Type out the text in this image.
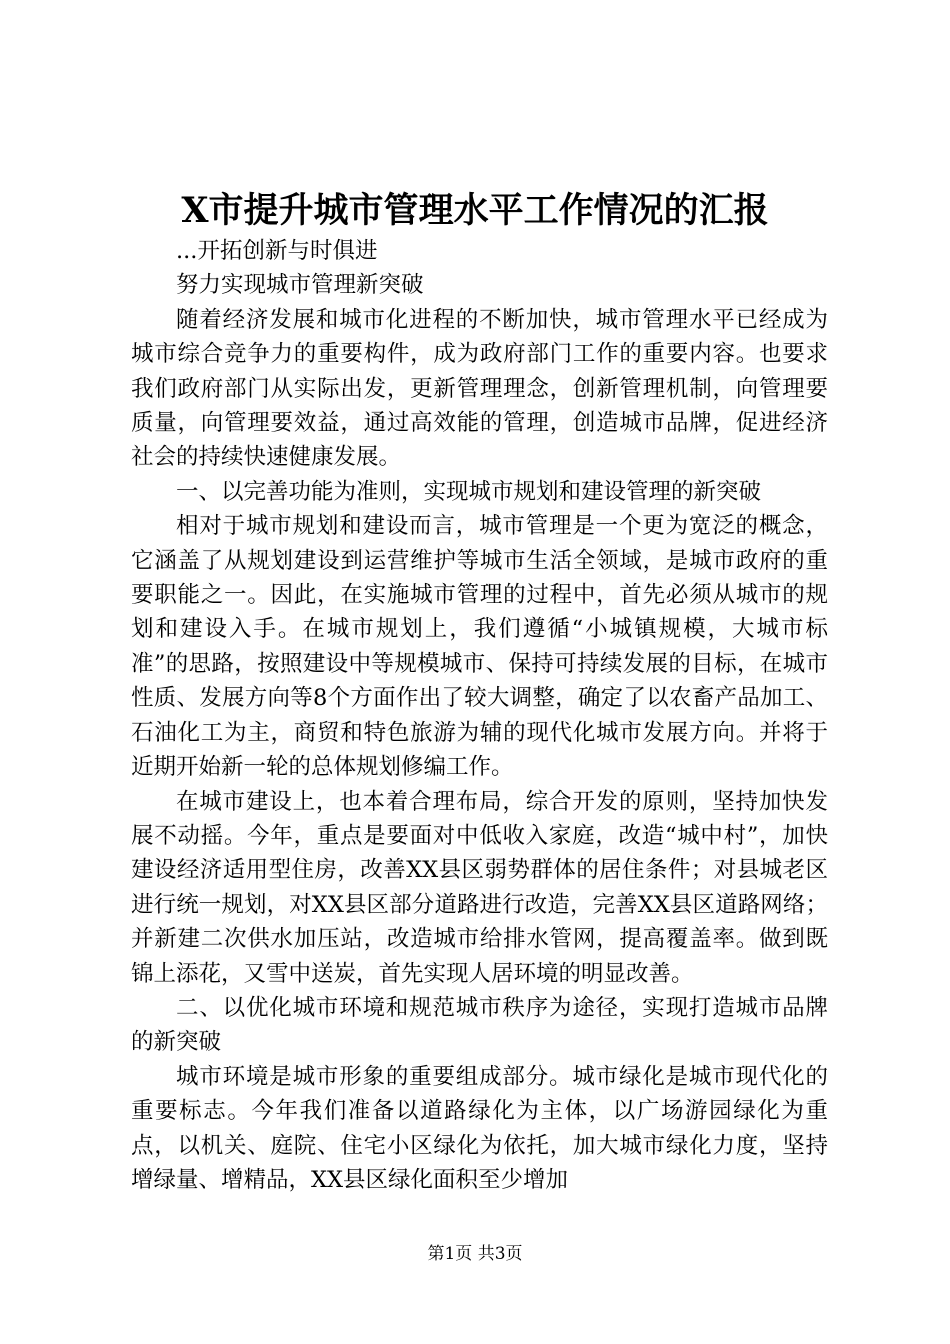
X市提升城市管理水平工作情况的汇报

...开拓创新与时俱进

努力实现城市管理新突破

随着经济发展和城市化进程的不断加快，城市管理水平已经成为城市综合竞争力的重要构件，成为政府部门工作的重要内容。也要求我们政府部门从实际出发，更新管理理念，创新管理机制，向管理要质量，向管理要效益，通过高效能的管理，创造城市品牌，促进经济社会的持续快速健康发展。

一、以完善功能为准则，实现城市规划和建设管理的新突破

相对于城市规划和建设而言，城市管理是一个更为宽泛的概念，它涵盖了从规划建设到运营维护等城市生活全领域，是城市政府的重要职能之一。因此，在实施城市管理的过程中，首先必须从城市的规划和建设入手。在城市规划上，我们遵循“小城镇规模，大城市标准”的思路，按照建设中等规模城市、保持可持续发展的目标，在城市性质、发展方向等8个方面作出了较大调整，确定了以农畜产品加工、石油化工为主，商贸和特色旅游为辅的现代化城市发展方向。并将于近期开始新一轮的总体规划修编工作。

在城市建设上，也本着合理布局，综合开发的原则，坚持加快发展不动摇。今年，重点是要面对中低收入家庭，改造“城中村”，加快建设经济适用型住房，改善XX县区弱势群体的居住条件；对县城老区进行统一规划，对XX县区部分道路进行改造，完善XX县区道路网络；并新建二次供水加压站，改造城市给排水管网，提高覆盖率。做到既锦上添花，又雪中送炭，首先实现人居环境的明显改善。

二、以优化城市环境和规范城市秩序为途径，实现打造城市品牌的新突破

城市环境是城市形象的重要组成部分。城市绿化是城市现代化的重要标志。今年我们准备以道路绿化为主体，以广场游园绿化为重点，以机关、庭院、住宅小区绿化为依托，加大城市绿化力度，坚持增绿量、增精品，XX县区绿化面积至少增加

第1页 共3页
